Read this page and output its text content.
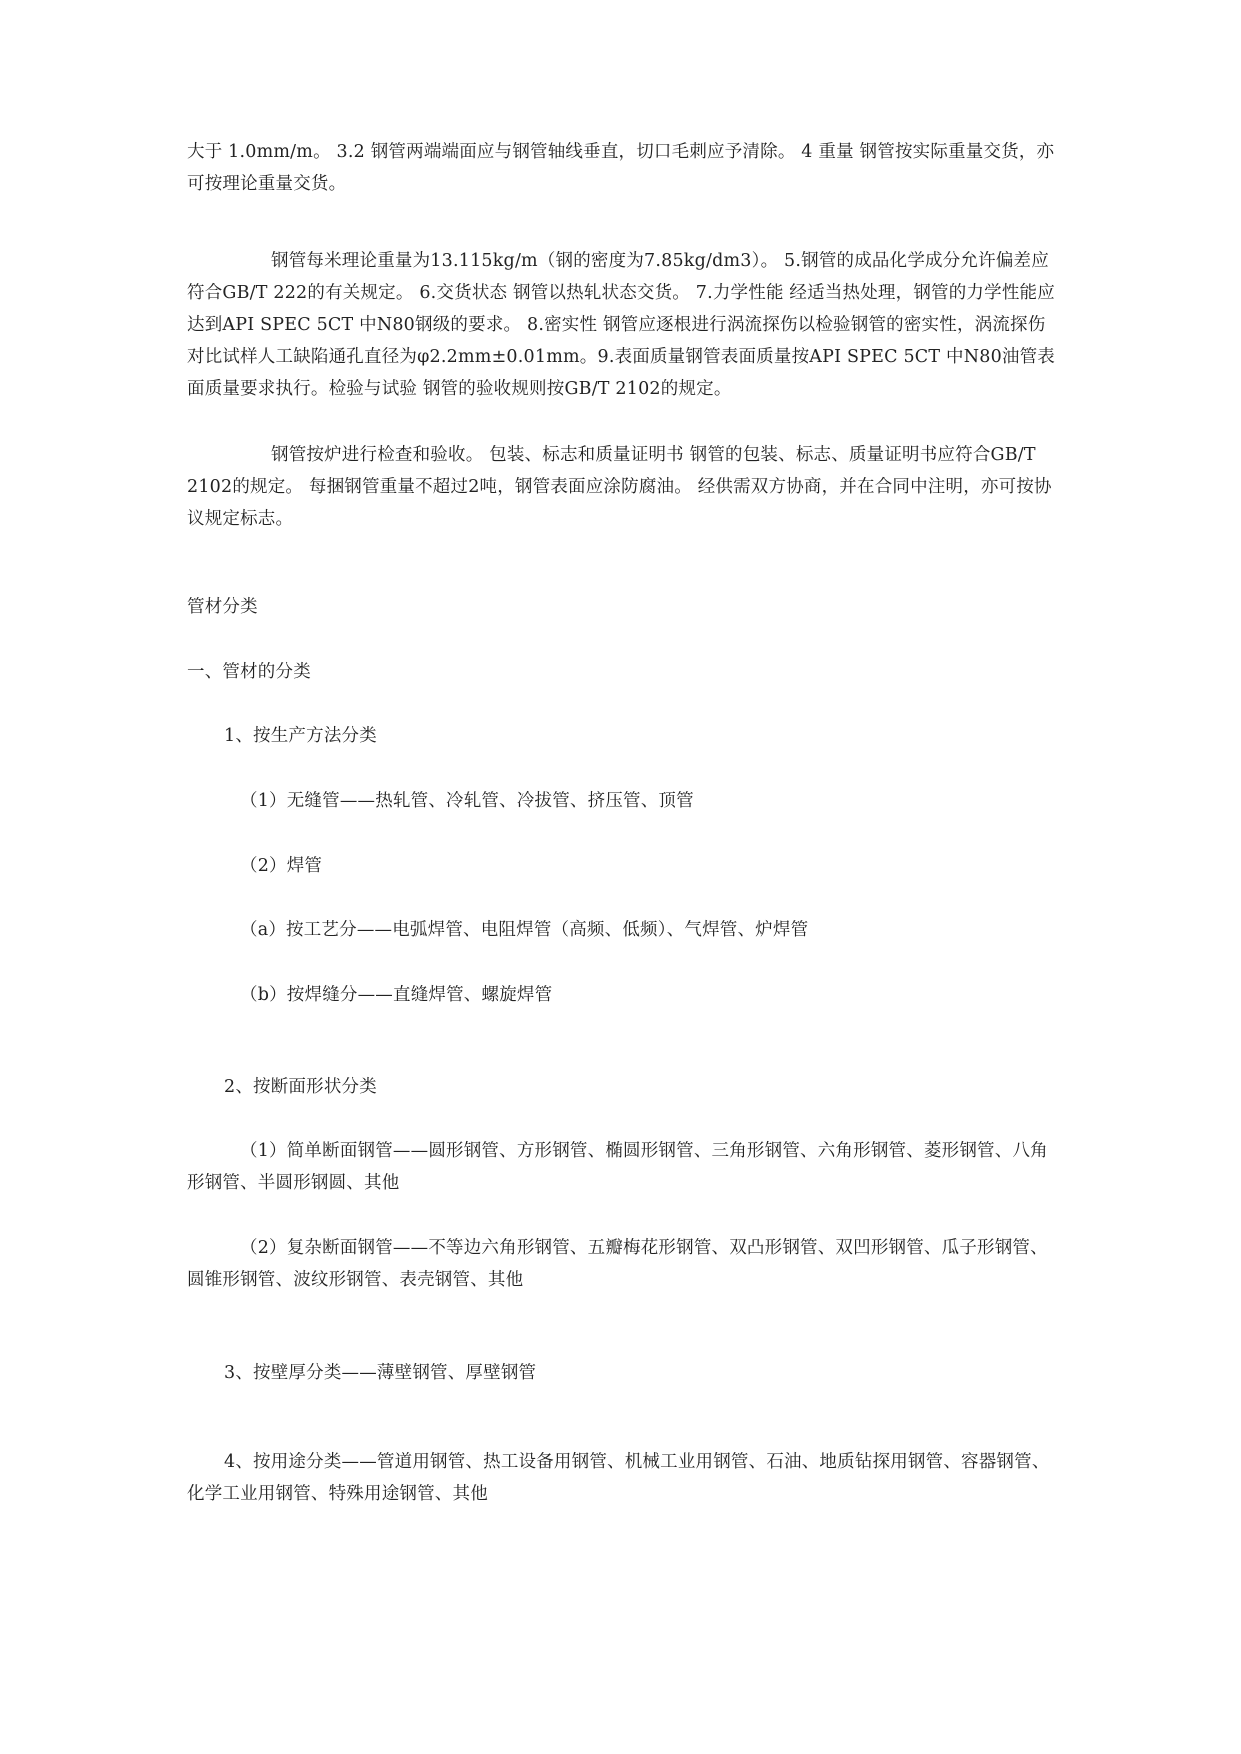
大于 1.0mm/m。 3.2 钢管两端端面应与钢管轴线垂直，切口毛刺应予清除。 4 重量 钢管按实际重量交货，亦可按理论重量交货。
钢管每米理论重量为13.115kg/m（钢的密度为7.85kg/dm3）。 5.钢管的成品化学成分允许偏差应符合GB/T 222的有关规定。 6.交货状态 钢管以热轧状态交货。 7.力学性能 经适当热处理，钢管的力学性能应达到API SPEC 5CT 中N80钢级的要求。 8.密实性 钢管应逐根进行涡流探伤以检验钢管的密实性，涡流探伤对比试样人工缺陷通孔直径为φ2.2mm±0.01mm。9.表面质量钢管表面质量按API SPEC 5CT 中N80油管表面质量要求执行。检验与试验 钢管的验收规则按GB/T 2102的规定。
钢管按炉进行检查和验收。 包装、标志和质量证明书 钢管的包装、标志、质量证明书应符合GB/T 2102的规定。 每捆钢管重量不超过2吨，钢管表面应涂防腐油。 经供需双方协商，并在合同中注明，亦可按协议规定标志。
管材分类
一、管材的分类
1、按生产方法分类
（1）无缝管——热轧管、冷轧管、冷拔管、挤压管、顶管
（2）焊管
（a）按工艺分——电弧焊管、电阻焊管（高频、低频）、气焊管、炉焊管
（b）按焊缝分——直缝焊管、螺旋焊管
2、按断面形状分类
（1）简单断面钢管——圆形钢管、方形钢管、椭圆形钢管、三角形钢管、六角形钢管、菱形钢管、八角形钢管、半圆形钢圆、其他
（2）复杂断面钢管——不等边六角形钢管、五瓣梅花形钢管、双凸形钢管、双凹形钢管、瓜子形钢管、圆锥形钢管、波纹形钢管、表壳钢管、其他
3、按壁厚分类——薄壁钢管、厚壁钢管
4、按用途分类——管道用钢管、热工设备用钢管、机械工业用钢管、石油、地质钻探用钢管、容器钢管、化学工业用钢管、特殊用途钢管、其他
